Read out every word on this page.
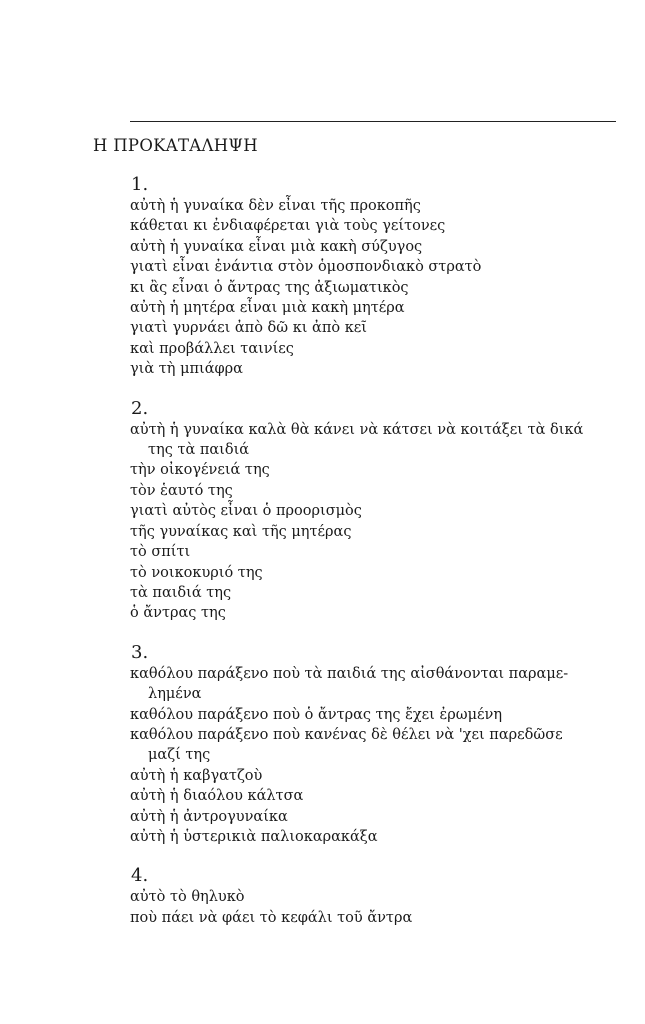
Η ΠΡΟΚΑΤΑΛΗΨΗ
1.
αὐτὴ ἡ γυναίκα δὲν εἶναι τῆς προκοπῆς
κάθεται κι ἐνδιαφέρεται γιὰ τοὺς γείτονες
αὐτὴ ἡ γυναίκα εἶναι μιὰ κακὴ σύζυγος
γιατὶ εἶναι ἐνάντια στὸν ὁμοσπονδιακὸ στρατὸ
κι ἂς εἶναι ὁ ἄντρας της ἀξιωματικὸς
αὐτὴ ἡ μητέρα εἶναι μιὰ κακὴ μητέρα
γιατὶ γυρνάει ἀπὸ δῶ κι ἀπὸ κεῖ
καὶ προβάλλει ταινίες
γιὰ τὴ μπιάφρα
2.
αὐτὴ ἡ γυναίκα καλὰ θὰ κάνει νὰ κάτσει νὰ κοιτάξει τὰ δικά
της τὰ παιδιά
τὴν οἰκογένειά της
τὸν ἑαυτό της
γιατὶ αὐτὸς εἶναι ὁ προορισμὸς
τῆς γυναίκας καὶ τῆς μητέρας
τὸ σπίτι
τὸ νοικοκυριό της
τὰ παιδιά της
ὁ ἄντρας της
3.
καθόλου παράξενο ποὺ τὰ παιδιά της αἰσθάνονται παραμε-
λημένα
καθόλου παράξενο ποὺ ὁ ἄντρας της ἔχει ἐρωμένη
καθόλου παράξενο ποὺ κανένας δὲ θέλει νὰ 'χει παρεδῶσε
μαζί της
αὐτὴ ἡ καβγατζοὺ
αὐτὴ ἡ διαόλου κάλτσα
αὐτὴ ἡ ἀντρογυναίκα
αὐτὴ ἡ ὑστερικιὰ παλιοκαρακάξα
4.
αὐτὸ τὸ θηλυκὸ
ποὺ πάει νὰ φάει τὸ κεφάλι τοῦ ἄντρα
